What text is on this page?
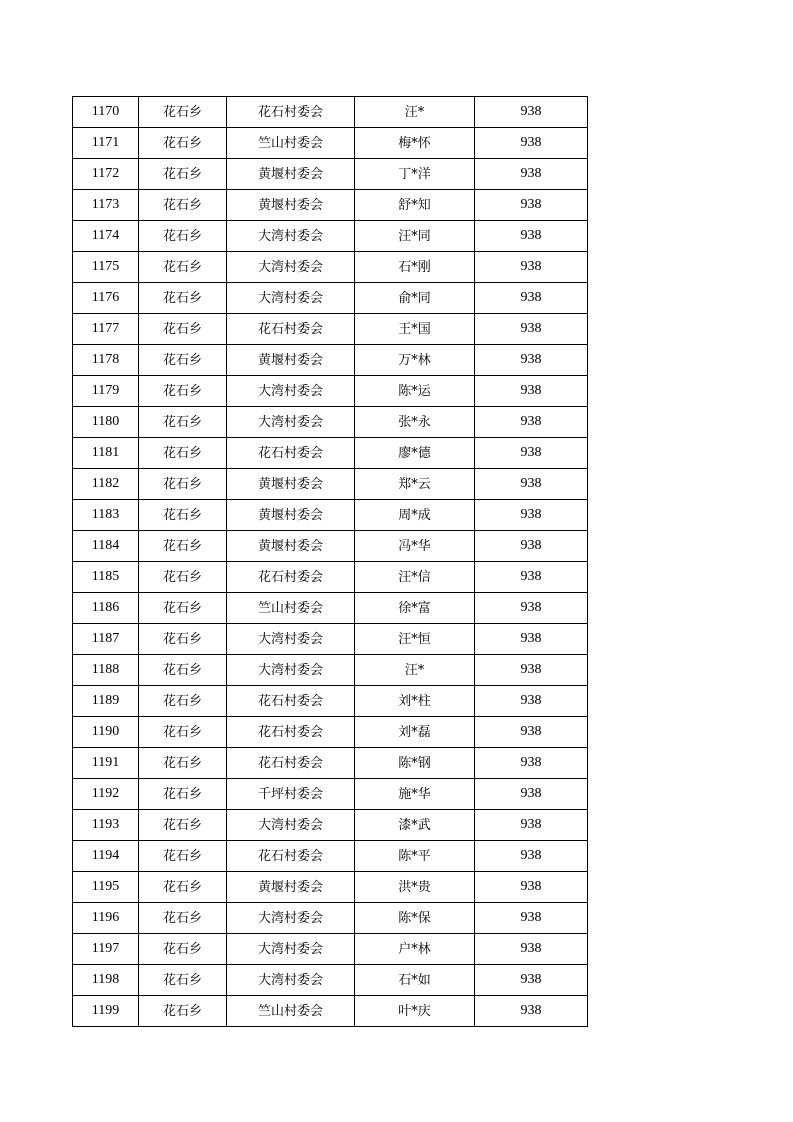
1170	花石乡	花石村委会	汪*	938
1171	花石乡	竺山村委会	梅*怀	938
1172	花石乡	黄堰村委会	丁*洋	938
1173	花石乡	黄堰村委会	舒*知	938
1174	花石乡	大湾村委会	汪*同	938
1175	花石乡	大湾村委会	石*刚	938
1176	花石乡	大湾村委会	俞*同	938
1177	花石乡	花石村委会	王*国	938
1178	花石乡	黄堰村委会	万*林	938
1179	花石乡	大湾村委会	陈*运	938
1180	花石乡	大湾村委会	张*永	938
1181	花石乡	花石村委会	廖*德	938
1182	花石乡	黄堰村委会	郑*云	938
1183	花石乡	黄堰村委会	周*成	938
1184	花石乡	黄堰村委会	冯*华	938
1185	花石乡	花石村委会	汪*信	938
1186	花石乡	竺山村委会	徐*富	938
1187	花石乡	大湾村委会	汪*恒	938
1188	花石乡	大湾村委会	汪*	938
1189	花石乡	花石村委会	刘*柱	938
1190	花石乡	花石村委会	刘*磊	938
1191	花石乡	花石村委会	陈*钢	938
1192	花石乡	千坪村委会	施*华	938
1193	花石乡	大湾村委会	漆*武	938
1194	花石乡	花石村委会	陈*平	938
1195	花石乡	黄堰村委会	洪*贵	938
1196	花石乡	大湾村委会	陈*保	938
1197	花石乡	大湾村委会	户*林	938
1198	花石乡	大湾村委会	石*如	938
1199	花石乡	竺山村委会	叶*庆	938
